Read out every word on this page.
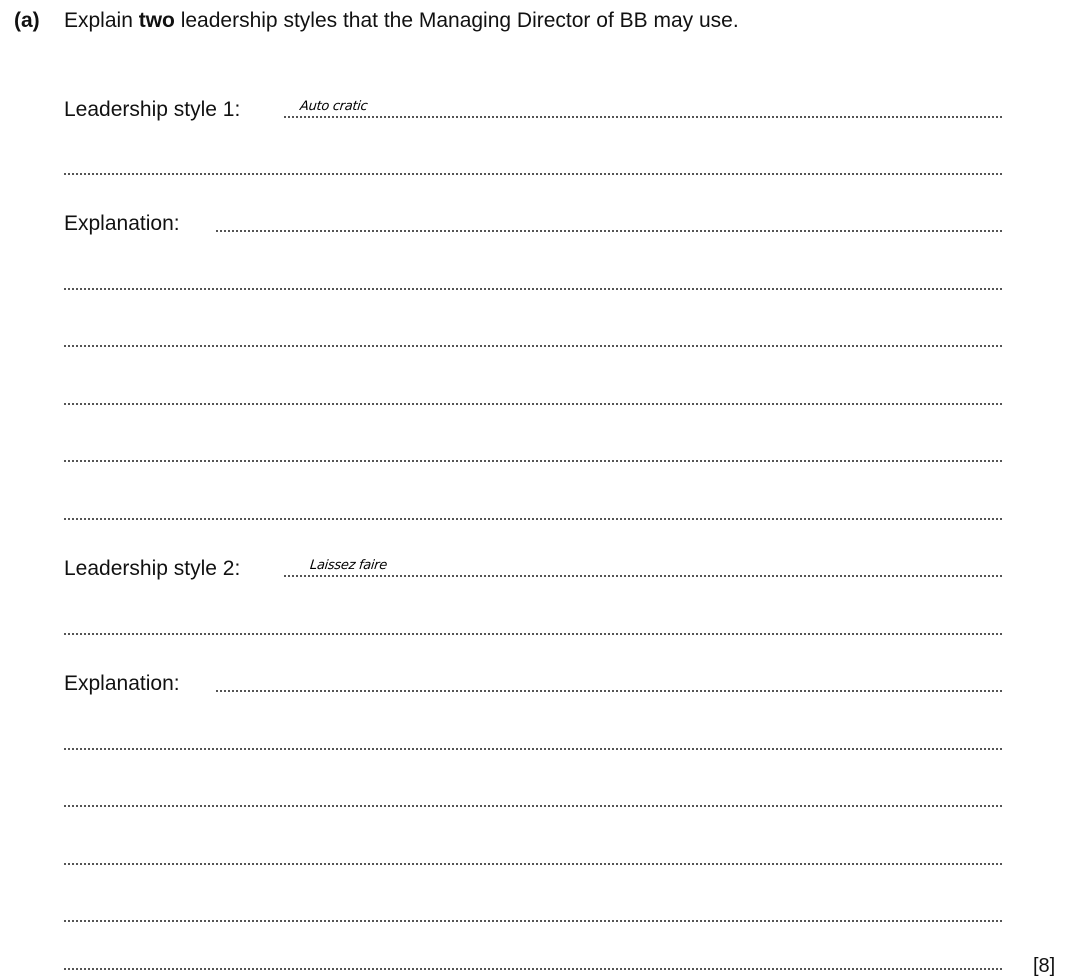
(a) Explain two leadership styles that the Managing Director of BB may use.
Leadership style 1:	Auto cratic
Explanation:
Leadership style 2:	Laissez faire
Explanation:
[8]
